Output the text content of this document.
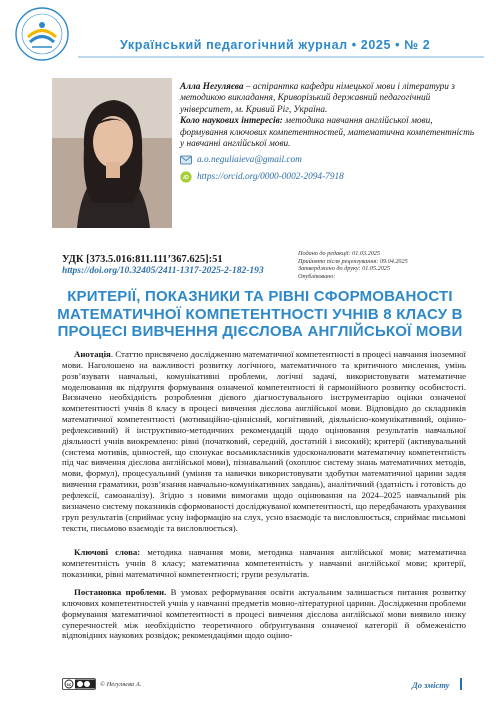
Український педагогічний журнал • 2025 • № 2

Алла Негуляєва – аспірантка кафедри німецької мови і літератури з методикою викладання, Криворізький державний педагогічний університет, м. Кривий Ріг, Україна.

Коло наукових інтересів: методика навчання англійської мови, формування ключових компетентностей, математична компетентність у навчанні англійської мови.

a.o.neguliaieva@gmail.com
iD https://orcid.org/0000-0002-2094-7918
УДК [373.5.016:811.111’367.625]:51
https://doi.org/10.32405/2411-1317-2025-2-182-193
Подано до редакції: 01.03.2025
Прийнято після рецензування: 09.04.2025
Затверджено до друку: 01.05.2025
Опубліковано:
КРИТЕРІЇ, ПОКАЗНИКИ ТА РІВНІ СФОРМОВАНОСТІ МАТЕМАТИЧНОЇ КОМПЕТЕНТНОСТІ УЧНІВ 8 КЛАСУ В ПРОЦЕСІ ВИВЧЕННЯ ДІЄСЛОВА АНГЛІЙСЬКОЇ МОВИ

Анотація. Статтю присвячено дослідженню математичної компетентності в процесі навчання іноземної мови. Наголошено на важливості розвитку логічного, математичного та критичного мислення, умінь розв’язувати навчальні, комунікативні проблеми, логічні задачі, використовувати математичне моделювання як підґрунтя формування означеної компетентності й гармонійного розвитку особистості. Визначено необхідність розроблення дієвого діагностувального інструментарію оцінки означеної компетентності учнів 8 класу в процесі вивчення дієслова англійської мови. Відповідно до складників математичної компетентності (мотиваційно-ціннісний, когнітивний, діяльнісно-комунікативний, оцінно-рефлексивний) й інструктивно-методичних рекомендацій щодо оцінювання результатів навчальної діяльності учнів виокремлено: рівні (початковий, середній, достатній і високий); критерії (активувальний (система мотивів, цінностей, що спонукає восьмикласників удосконалювати математичну компетентність під час вивчення дієслова англійської мови), пізнавальний (охоплює систему знань математичних методів, мови, формул), процесуальний (уміння та навички використовувати здобутки математичної царини задля вивчення граматики, розв’язання навчально-комунікативних завдань), аналітичний (здатність і готовість до рефлексії, самоаналізу). Згідно з новими вимогами щодо оцінювання на 2024–2025 навчальний рік визначено систему показників сформованості досліджуваної компетентності, що передбачають урахування груп результатів (сприймає усну інформацію на слух, усно взаємодіє та висловлюється, сприймає письмові тексти, письмово взаємодіє та висловлюється).

Ключові слова: методика навчання мови, методика навчання англійської мови; математична компетентність учнів 8 класу; математична компетентність у навчанні англійської мови; критерії, показники, рівні математичної компетентності; групи результатів.

Постановка проблеми. В умовах реформування освіти актуальним залишається питання розвитку ключових компетентностей учнів у навчанні предметів мовно-літературної царини. Дослідження проблеми формування математичної компетентності в процесі вивчення дієслова англійської мови виявило низку суперечностей між необхідністю теоретичного обґрунтування означеної категорії й обмеженістю відповідних наукових розвідок; рекомендаціями щодо оціню-

cc	© Негуляєва А.	До змісту
